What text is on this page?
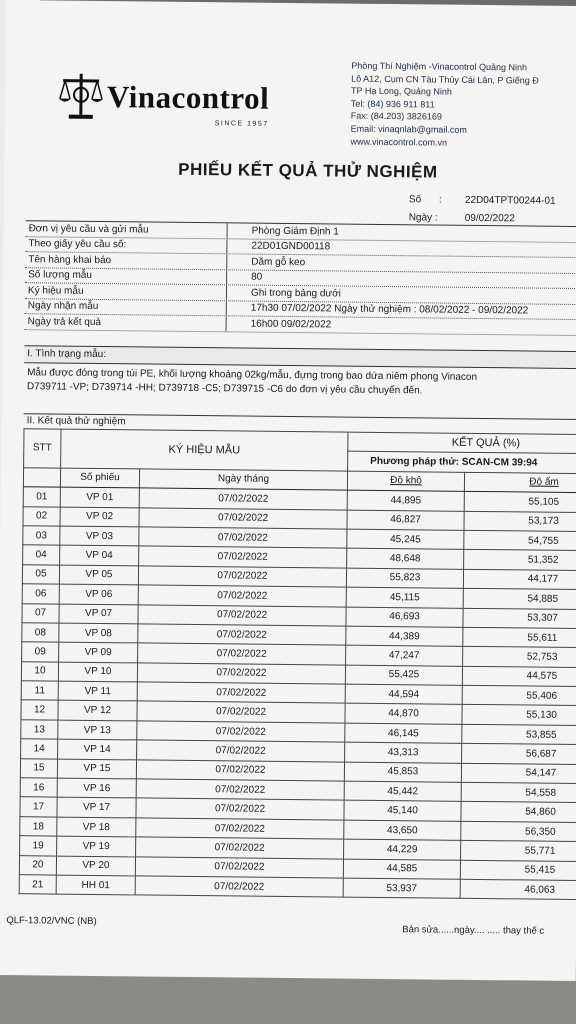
Vinacontrol
SINCE 1957
Phòng Thí Nghiệm -Vinacontrol Quảng Ninh
Lô A12, Cụm CN Tàu Thủy Cái Lân, P Giếng Đ
TP Hạ Long, Quảng Ninh
Tel: (84) 936 911 811
Fax: (84.203) 3826169
Email: vinaqnlab@gmail.com
www.vinacontrol.com.vn
PHIẾU KẾT QUẢ THỬ NGHIỆM
Số : 22D04TPT00244-01
Ngày :	09/02/2022
Đơn vị yêu cầu và gửi mẫu	Phòng Giám Định 1
Theo giấy yêu cầu số:	22D01GND00118
Tên hàng khai báo	Dăm gỗ keo
Số lượng mẫu	80
Ký hiệu mẫu	Ghi trong bảng dưới
Ngày nhận mẫu	17h30 07/02/2022 Ngày thử nghiệm : 08/02/2022 - 09/02/2022
Ngày trả kết quả	16h00 09/02/2022
I. Tình trạng mẫu:
Mẫu được đóng trong túi PE, khối lượng khoảng 02kg/mẫu, đựng trong bao dứa niêm phong Vinacon
D739711 -VP; D739714 -HH; D739718 -C5; D739715 -C6 do đơn vị yêu cầu chuyển đến.
II. Kết quả thử nghiệm
STT	KÝ HIỆU MẪU		KẾT QUẢ (%)	
			Phương pháp thử: SCAN-CM 39:94	
	Số phiếu	Ngày tháng	Độ khô	Độ ẩm
01	VP 01	07/02/2022	44,895	55,105
02	VP 02	07/02/2022	46,827	53,173
03	VP 03	07/02/2022	45,245	54,755
04	VP 04	07/02/2022	48,648	51,352
05	VP 05	07/02/2022	55,823	44,177
06	VP 06	07/02/2022	45,115	54,885
07	VP 07	07/02/2022	46,693	53,307
08	VP 08	07/02/2022	44,389	55,611
09	VP 09	07/02/2022	47,247	52,753
10	VP 10	07/02/2022	55,425	44,575
11	VP 11	07/02/2022	44,594	55,406
12	VP 12	07/02/2022	44,870	55,130
13	VP 13	07/02/2022	46,145	53,855
14	VP 14	07/02/2022	43,313	56,687
15	VP 15	07/02/2022	45,853	54,147
16	VP 16	07/02/2022	45,442	54,558
17	VP 17	07/02/2022	45,140	54,860
18	VP 18	07/02/2022	43,650	56,350
19	VP 19	07/02/2022	44,229	55,771
20	VP 20	07/02/2022	44,585	55,415
21	HH 01	07/02/2022	53,937	46,063
QLF-13.02/VNC (NB)
Bản sửa......ngày.... ..... thay thế c
